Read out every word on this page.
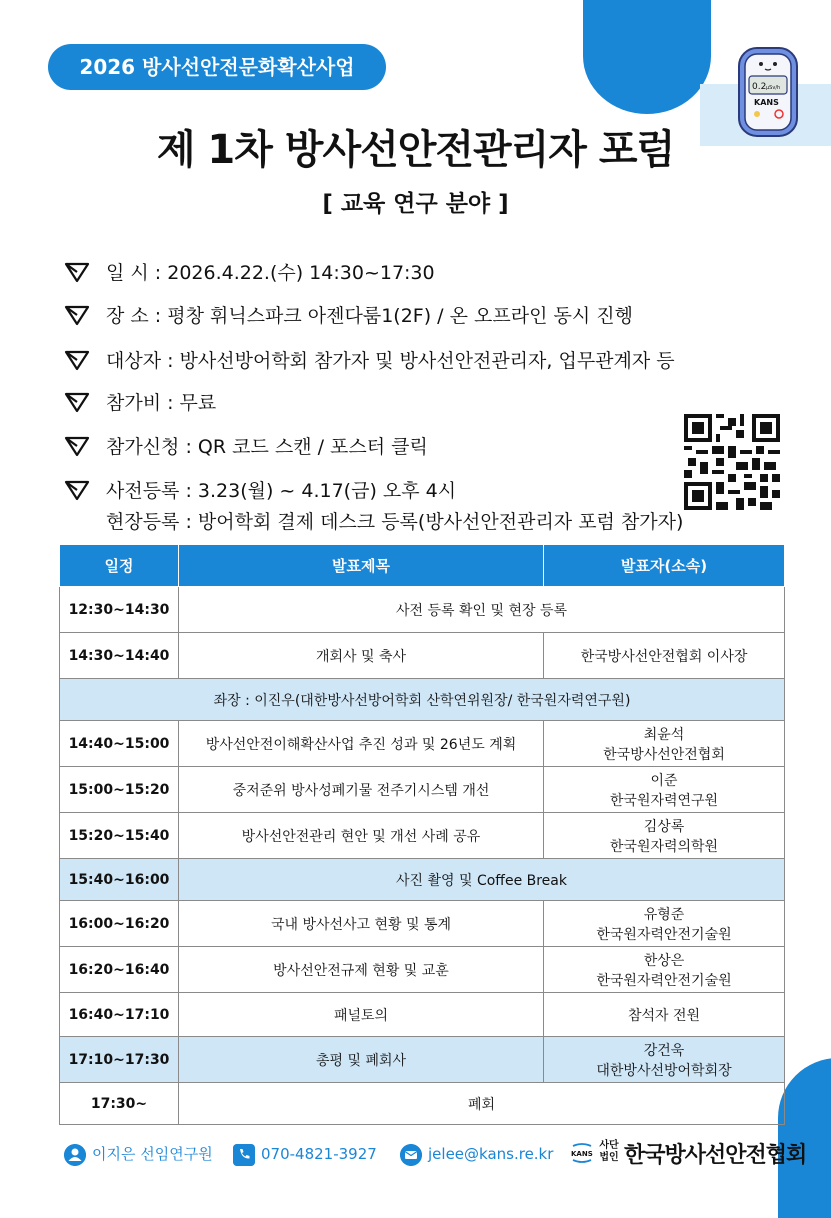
0.2 μSv/h
KANS
2026 방사선안전문화확산사업
제 1차 방사선안전관리자 포럼
[ 교육 연구 분야 ]
일 시 : 2026.4.22.(수) 14:30~17:30
장 소 : 평창 휘닉스파크 아젠다룸1(2F) / 온 오프라인 동시 진헹
대상자 : 방사선방어학회 참가자 및 방사선안전관리자, 업무관계자 등
참가비 : 무료
참가신청 : QR 코드 스캔 / 포스터 클릭
사전등록 : 3.23(월) ~ 4.17(금) 오후 4시
현장등록 : 방어학회 결제 데스크 등록(방사선안전관리자 포럼 참가자)
일정	발표제목	발표자(소속)
12:30~14:30	사전 등록 확인 및 현장 등록	
14:30~14:40	개회사 및 축사	한국방사선안전협회 이사장
좌장 : 이진우(대한방사선방어학회 산학연위원장/ 한국원자력연구원)		
14:40~15:00	방사선안전이해확산사업 추진 성과 및 26년도 계획	최윤석
한국방사선안전협회

15:00~15:20	중저준위 방사성폐기물 전주기시스템 개선	이준
한국원자력연구원

15:20~15:40	방사선안전관리 현안 및 개선 사례 공유	김상록
한국원자력의학원

15:40~16:00	사진 촬영 및 Coffee Break	
16:00~16:20	국내 방사선사고 현황 및 통계	유형준
한국원자력안전기술원

16:20~16:40	방사선안전규제 현황 및 교훈	한상은
한국원자력안전기술원

16:40~17:10	패널토의	참석자 전원
17:10~17:30	총평 및 폐회사	강건욱
대한방사선방어학회장

17:30~	폐회	
이지은 선임연구원	070-4821-3927	jelee@kans.re.kr	KANS
사단
법인 한국방사선안전협회
